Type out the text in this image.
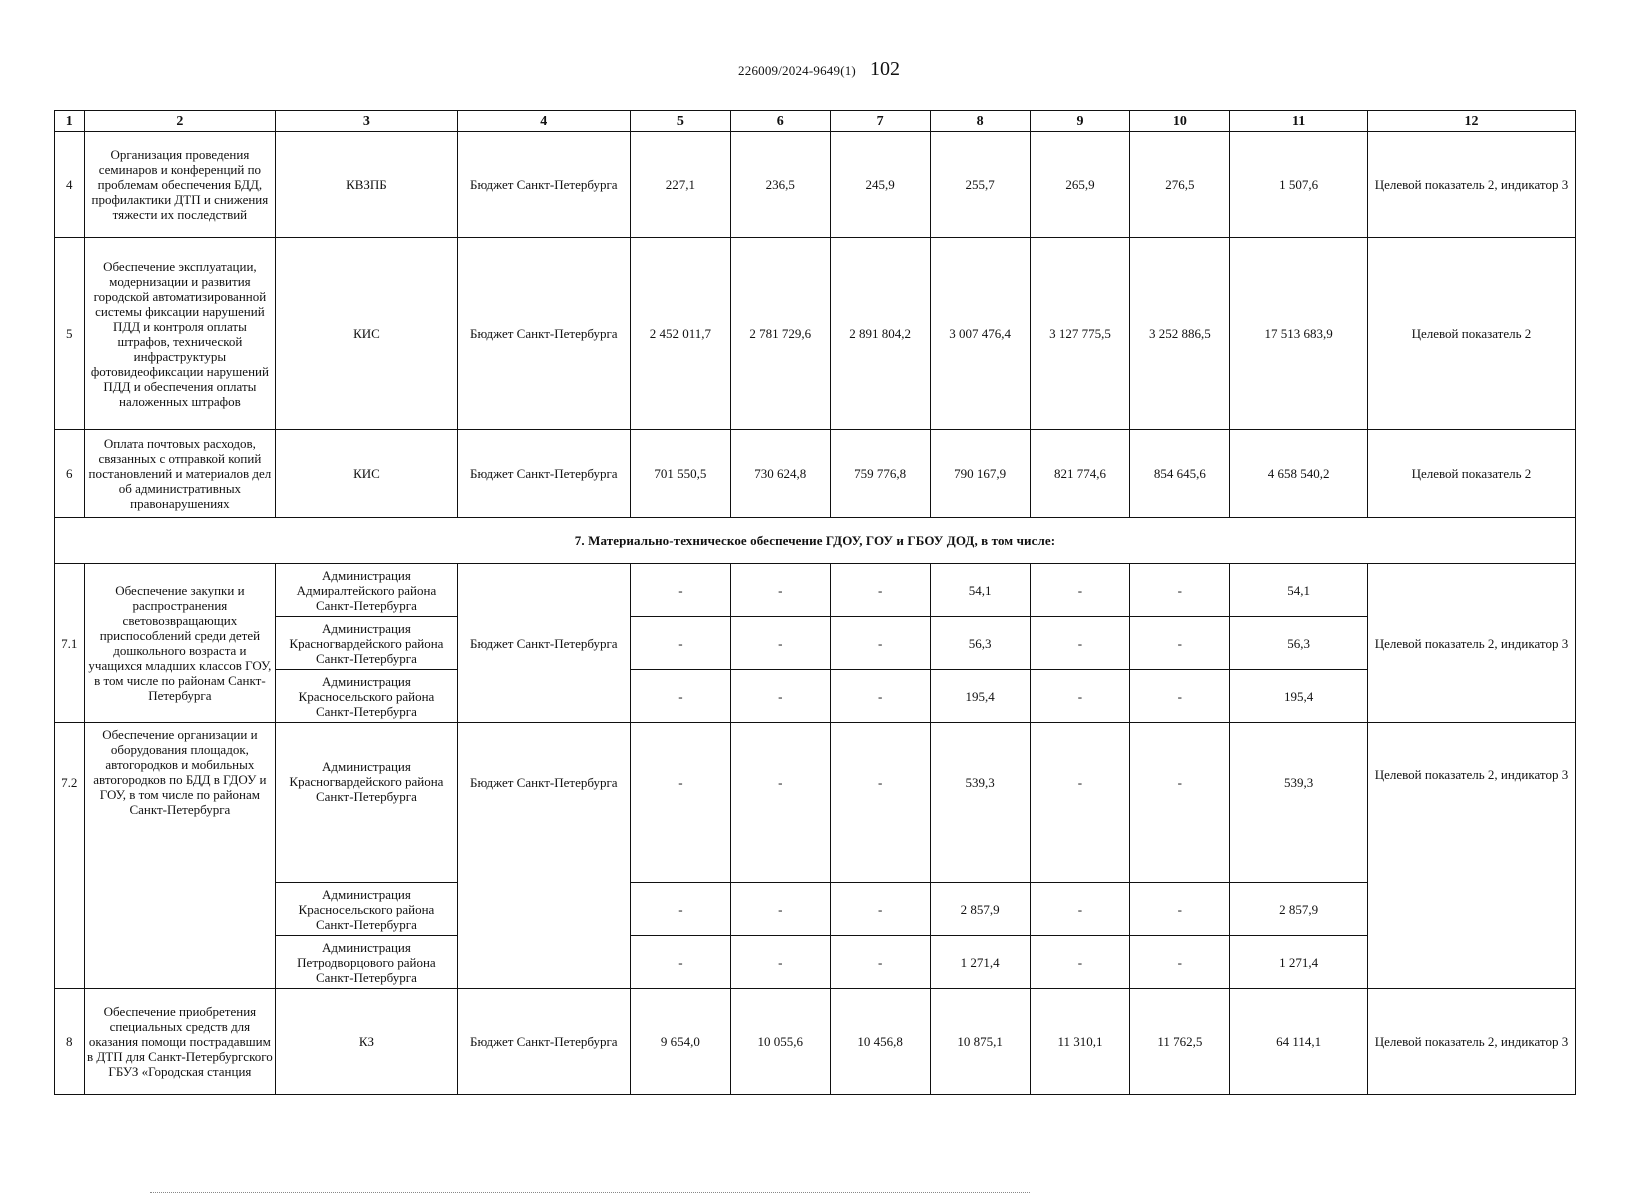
226009/2024-9649(1) 102
1	2	3	4	5	6	7	8	9	10	11	12
4	Организация проведения семинаров и конференций по проблемам обеспечения БДД, профилактики ДТП и снижения тяжести их последствий	КВЗПБ	Бюджет Санкт-Петербурга	227,1	236,5	245,9	255,7	265,9	276,5	1 507,6	Целевой показатель 2, индикатор 3
5	Обеспечение эксплуатации, модернизации и развития городской автоматизированной системы фиксации нарушений ПДД и контроля оплаты штрафов, технической инфраструктуры фотовидеофиксации нарушений ПДД и обеспечения оплаты наложенных штрафов	КИС	Бюджет Санкт-Петербурга	2 452 011,7	2 781 729,6	2 891 804,2	3 007 476,4	3 127 775,5	3 252 886,5	17 513 683,9	Целевой показатель 2
6	Оплата почтовых расходов, связанных с отправкой копий постановлений и материалов дел об административных правонарушениях	КИС	Бюджет Санкт-Петербурга	701 550,5	730 624,8	759 776,8	790 167,9	821 774,6	854 645,6	4 658 540,2	Целевой показатель 2
7. Материально-техническое обеспечение ГДОУ, ГОУ и ГБОУ ДОД, в том числе:											
7.1	Обеспечение закупки и распространения световозвращающих приспособлений среди детей дошкольного возраста и учащихся младших классов ГОУ, в том числе по районам Санкт-Петербурга	Администрация Адмиралтейского района Санкт-Петербурга	Бюджет Санкт-Петербурга	-	-	-	54,1	-	-	54,1	Целевой показатель 2, индикатор 3
		Администрация Красногвардейского района Санкт-Петербурга		-	-	-	56,3	-	-	56,3	
		Администрация Красносельского района Санкт-Петербурга		-	-	-	195,4	-	-	195,4	
7.2	Обеспечение организации и оборудования площадок, автогородков и мобильных автогородков по БДД в ГДОУ и ГОУ, в том числе по районам Санкт-Петербурга	Администрация Красногвардейского района Санкт-Петербурга	Бюджет Санкт-Петербурга	-	-	-	539,3	-	-	539,3	Целевой показатель 2, индикатор 3
		Администрация Красносельского района Санкт-Петербурга		-	-	-	2 857,9	-	-	2 857,9	
		Администрация Петродворцового района Санкт-Петербурга		-	-	-	1 271,4	-	-	1 271,4	
8	Обеспечение приобретения специальных средств для оказания помощи пострадавшим в ДТП для Санкт-Петербургского ГБУЗ «Городская станция	КЗ	Бюджет Санкт-Петербурга	9 654,0	10 055,6	10 456,8	10 875,1	11 310,1	11 762,5	64 114,1	Целевой показатель 2, индикатор 3
